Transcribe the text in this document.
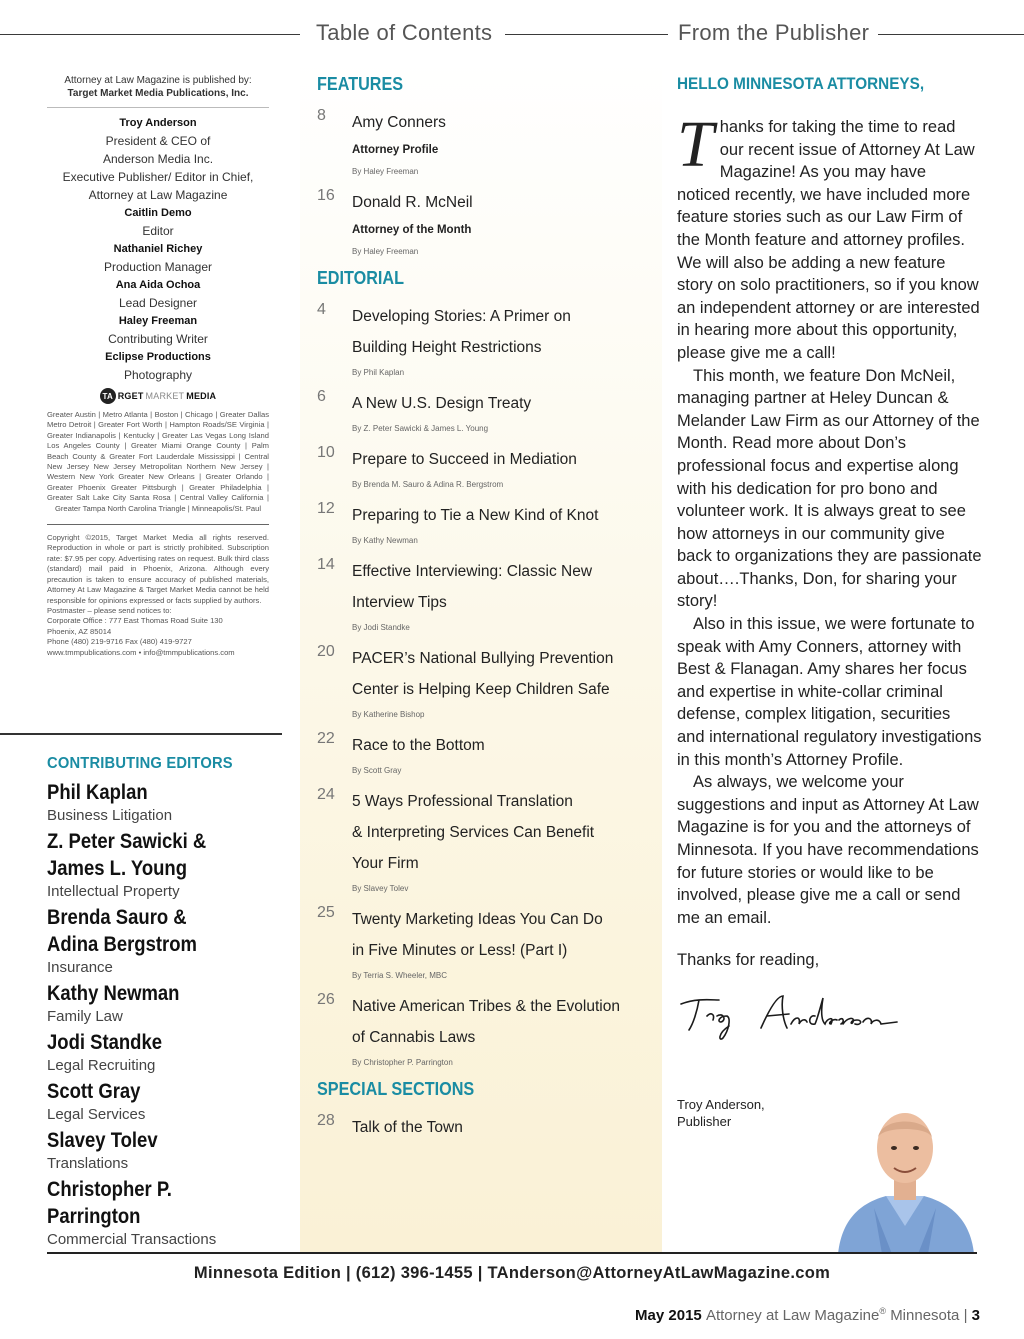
Table of Contents	From the Publisher
Attorney at Law Magazine is published by:
Target Market Media Publications, Inc.
Troy Anderson
President & CEO of
Anderson Media Inc.
Executive Publisher/ Editor in Chief,
Attorney at Law Magazine
Caitlin Demo
Editor
Nathaniel Richey
Production Manager
Ana Aida Ochoa
Lead Designer
Haley Freeman
Contributing Writer
Eclipse Productions
Photography
TA RGET MARKET MEDIA
Greater Austin | Metro Atlanta | Boston | Chicago | Greater Dallas Metro Detroit | Greater Fort Worth | Hampton Roads/SE Virginia | Greater Indianapolis | Kentucky | Greater Las Vegas Long Island Los Angeles County | Greater Miami Orange County | Palm Beach County & Greater Fort Lauderdale Mississippi | Central New Jersey New Jersey Metropolitan Northern New Jersey | Western New York Greater New Orleans | Greater Orlando | Greater Phoenix Greater Pittsburgh | Greater Philadelphia | Greater Salt Lake City Santa Rosa | Central Valley California | Greater Tampa North Carolina Triangle | Minneapolis/St. Paul
Copyright ©2015, Target Market Media all rights reserved. Reproduction in whole or part is strictly prohibited. Subscription rate: $7.95 per copy. Advertising rates on request. Bulk third class (standard) mail paid in Phoenix, Arizona. Although every precaution is taken to ensure accuracy of published materials, Attorney At Law Magazine & Target Market Media cannot be held responsible for opinions expressed or facts supplied by authors.
Postmaster – please send notices to:
Corporate Office : 777 East Thomas Road Suite 130
Phoenix, AZ 85014
Phone (480) 219-9716 Fax (480) 419-9727
www.tmmpublications.com • info@tmmpublications.com
CONTRIBUTING EDITORS
Phil Kaplan
Business Litigation
Z. Peter Sawicki &
James L. Young
Intellectual Property
Brenda Sauro &
Adina Bergstrom
Insurance
Kathy Newman
Family Law
Jodi Standke
Legal Recruiting
Scott Gray
Legal Services
Slavey Tolev
Translations
Christopher P.
Parrington
Commercial Transactions
FEATURES
8	Amy Conners
Attorney Profile
By Haley Freeman
16	Donald R. McNeil
Attorney of the Month
By Haley Freeman
EDITORIAL
4	Developing Stories: A Primer on
Building Height Restrictions
By Phil Kaplan
6	A New U.S. Design Treaty
By Z. Peter Sawicki & James L. Young
10	Prepare to Succeed in Mediation
By Brenda M. Sauro & Adina R. Bergstrom
12	Preparing to Tie a New Kind of Knot
By Kathy Newman
14	Effective Interviewing: Classic New
Interview Tips
By Jodi Standke
20	PACER’s National Bullying Prevention
Center is Helping Keep Children Safe
By Katherine Bishop
22	Race to the Bottom
By Scott Gray
24	5 Ways Professional Translation
& Interpreting Services Can Benefit
Your Firm
By Slavey Tolev
25	Twenty Marketing Ideas You Can Do
in Five Minutes or Less! (Part I)
By Terria S. Wheeler, MBC
26	Native American Tribes & the Evolution
of Cannabis Laws
By Christopher P. Parrington
SPECIAL SECTIONS
28	Talk of the Town
HELLO MINNESOTA ATTORNEYS,

Thanks for taking the time to read our recent issue of Attorney At Law Magazine! As you may have noticed recently, we have included more feature stories such as our Law Firm of the Month feature and attorney profiles. We will also be adding a new feature story on solo practitioners, so if you know an independent attorney or are interested in hearing more about this opportunity, please give me a call!

This month, we feature Don McNeil, managing partner at Heley Duncan & Melander Law Firm as our Attorney of the Month. Read more about Don’s professional focus and expertise along with his dedication for pro bono and volunteer work. It is always great to see how attorneys in our community give back to organizations they are passionate about….Thanks, Don, for sharing your story!

Also in this issue, we were fortunate to speak with Amy Conners, attorney with Best & Flanagan. Amy shares her focus and expertise in white-collar criminal defense, complex litigation, securities and international regulatory investigations in this month’s Attorney Profile.

As always, we welcome your suggestions and input as Attorney At Law Magazine is for you and the attorneys of Minnesota. If you have recommendations for future stories or would like to be involved, please give me a call or send me an email.

Thanks for reading,
Troy Anderson,
Publisher
Minnesota Edition | (612) 396-1455 | TAnderson@AttorneyAtLawMagazine.com
May 2015 Attorney at Law Magazine® Minnesota | 3
